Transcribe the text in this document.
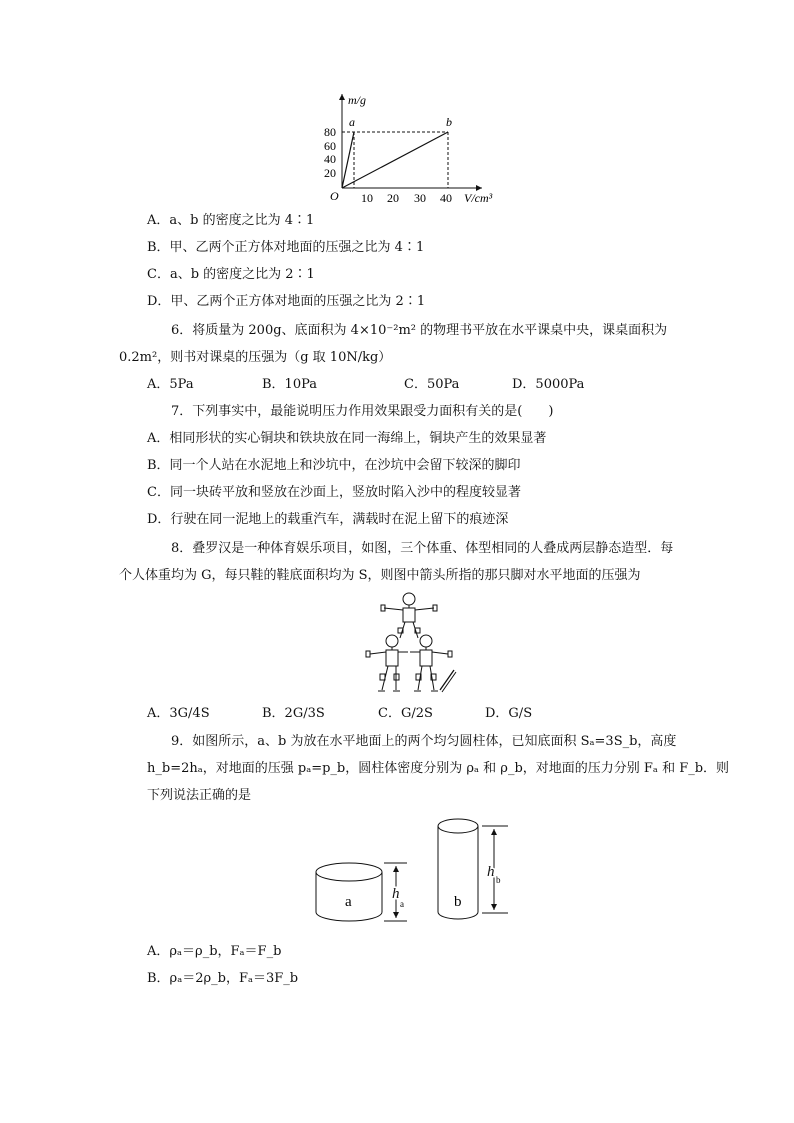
m/g
80
60
40
20
O 10 20 30 40 V/cm³
a	b
A．a、b 的密度之比为 4∶1
B．甲、乙两个正方体对地面的压强之比为 4∶1
C．a、b 的密度之比为 2∶1
D．甲、乙两个正方体对地面的压强之比为 2∶1
6．将质量为 200g、底面积为 4×10⁻²m² 的物理书平放在水平课桌中央，课桌面积为
0.2m²，则书对课桌的压强为（g 取 10N/kg）
A．5Pa	B．10Pa	C．50Pa	D．5000Pa
7．下列事实中，最能说明压力作用效果跟受力面积有关的是(　　)
A．相同形状的实心铜块和铁块放在同一海绵上，铜块产生的效果显著
B．同一个人站在水泥地上和沙坑中，在沙坑中会留下较深的脚印
C．同一块砖平放和竖放在沙面上，竖放时陷入沙中的程度较显著
D．行驶在同一泥地上的载重汽车，满载时在泥上留下的痕迹深
8．叠罗汉是一种体育娱乐项目，如图，三个体重、体型相同的人叠成两层静态造型．每
个人体重均为 G，每只鞋的鞋底面积均为 S，则图中箭头所指的那只脚对水平地面的压强为
A．3G/4S	B．2G/3S	C．G/2S	D．G/S
9．如图所示，a、b 为放在水平地面上的两个均匀圆柱体，已知底面积 Sₐ=3S_b，高度
h_b=2hₐ，对地面的压强 pₐ=p_b，圆柱体密度分别为 ρₐ 和 ρ_b，对地面的压力分别 Fₐ 和 F_b．则
下列说法正确的是
a	b
h
a
h b
A．ρₐ＝ρ_b，Fₐ＝F_b
B．ρₐ＝2ρ_b，Fₐ＝3F_b
